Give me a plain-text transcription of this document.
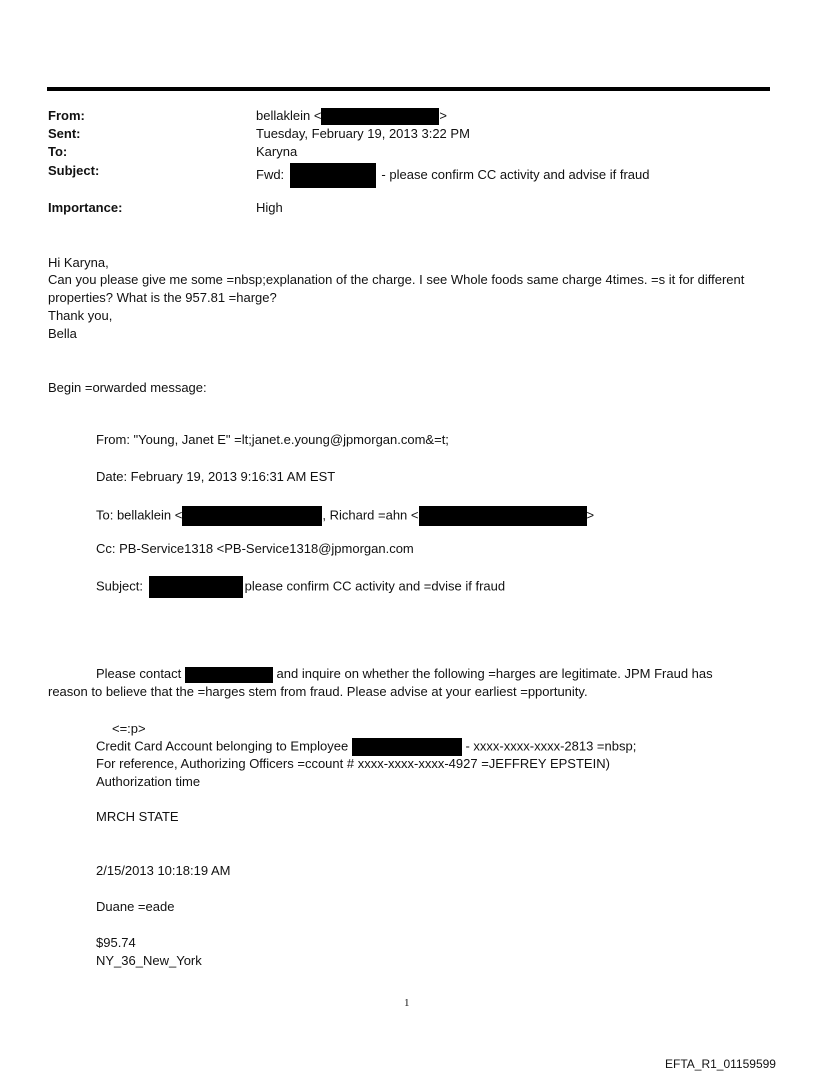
From:	bellaklein <	>
Sent:	Tuesday, February 19, 2013 3:22 PM
To:	Karyna
Subject:	Fwd:	- please confirm CC activity and advise if fraud
Importance:	High
Hi Karyna,
Can you please give me some =nbsp;explanation of the charge. I see Whole foods same charge 4times. =s it for different
properties? What is the 957.81 =harge?
Thank you,
Bella
Begin =orwarded message:
From: "Young, Janet E" =lt;janet.e.young@jpmorgan.com&=t;
Date: February 19, 2013 9:16:31 AM EST
To: bellaklein <	, Richard =ahn <	>
Cc: PB-Service1318 <PB-Service1318@jpmorgan.com
Subject:	please confirm CC activity and =dvise if fraud
Please contact	and inquire on whether the following =harges are legitimate. JPM Fraud has
reason to believe that the =harges stem from fraud. Please advise at your earliest =pportunity.
<=:p>
Credit Card Account belonging to Employee	- xxxx-xxxx-xxxx-2813 =nbsp;
For reference, Authorizing Officers =ccount # xxxx-xxxx-xxxx-4927 =JEFFREY EPSTEIN)
Authorization time
MRCH STATE
2/15/2013 10:18:19 AM
Duane =eade
$95.74
NY_36_New_York
1
EFTA_R1_01159599
